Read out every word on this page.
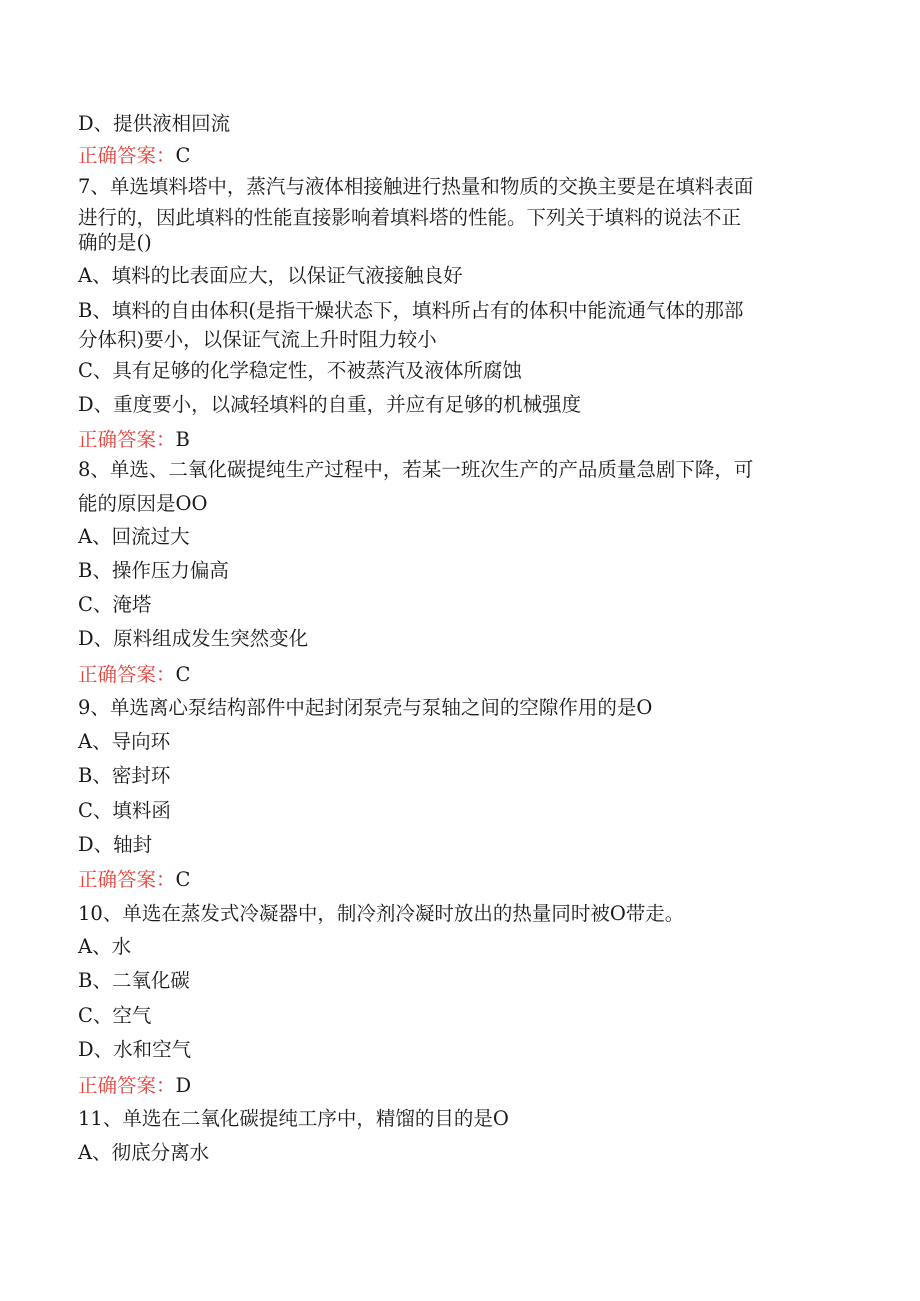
D、提供液相回流
正确答案：C
7、单选填料塔中，蒸汽与液体相接触进行热量和物质的交换主要是在填料表面
进行的，因此填料的性能直接影响着填料塔的性能。下列关于填料的说法不正
确的是()
A、填料的比表面应大，以保证气液接触良好
B、填料的自由体积(是指干燥状态下，填料所占有的体积中能流通气体的那部
分体积)要小，以保证气流上升时阻力较小
C、具有足够的化学稳定性，不被蒸汽及液体所腐蚀
D、重度要小，以减轻填料的自重，并应有足够的机械强度
正确答案：B
8、单选、二氧化碳提纯生产过程中，若某一班次生产的产品质量急剧下降，可
能的原因是OO
A、回流过大
B、操作压力偏高
C、淹塔
D、原料组成发生突然变化
正确答案：C
9、单选离心泵结构部件中起封闭泵壳与泵轴之间的空隙作用的是O
A、导向环
B、密封环
C、填料函
D、轴封
正确答案：C
10、单选在蒸发式冷凝器中，制冷剂冷凝时放出的热量同时被O带走。
A、水
B、二氧化碳
C、空气
D、水和空气
正确答案：D
11、单选在二氧化碳提纯工序中，精馏的目的是O
A、彻底分离水
